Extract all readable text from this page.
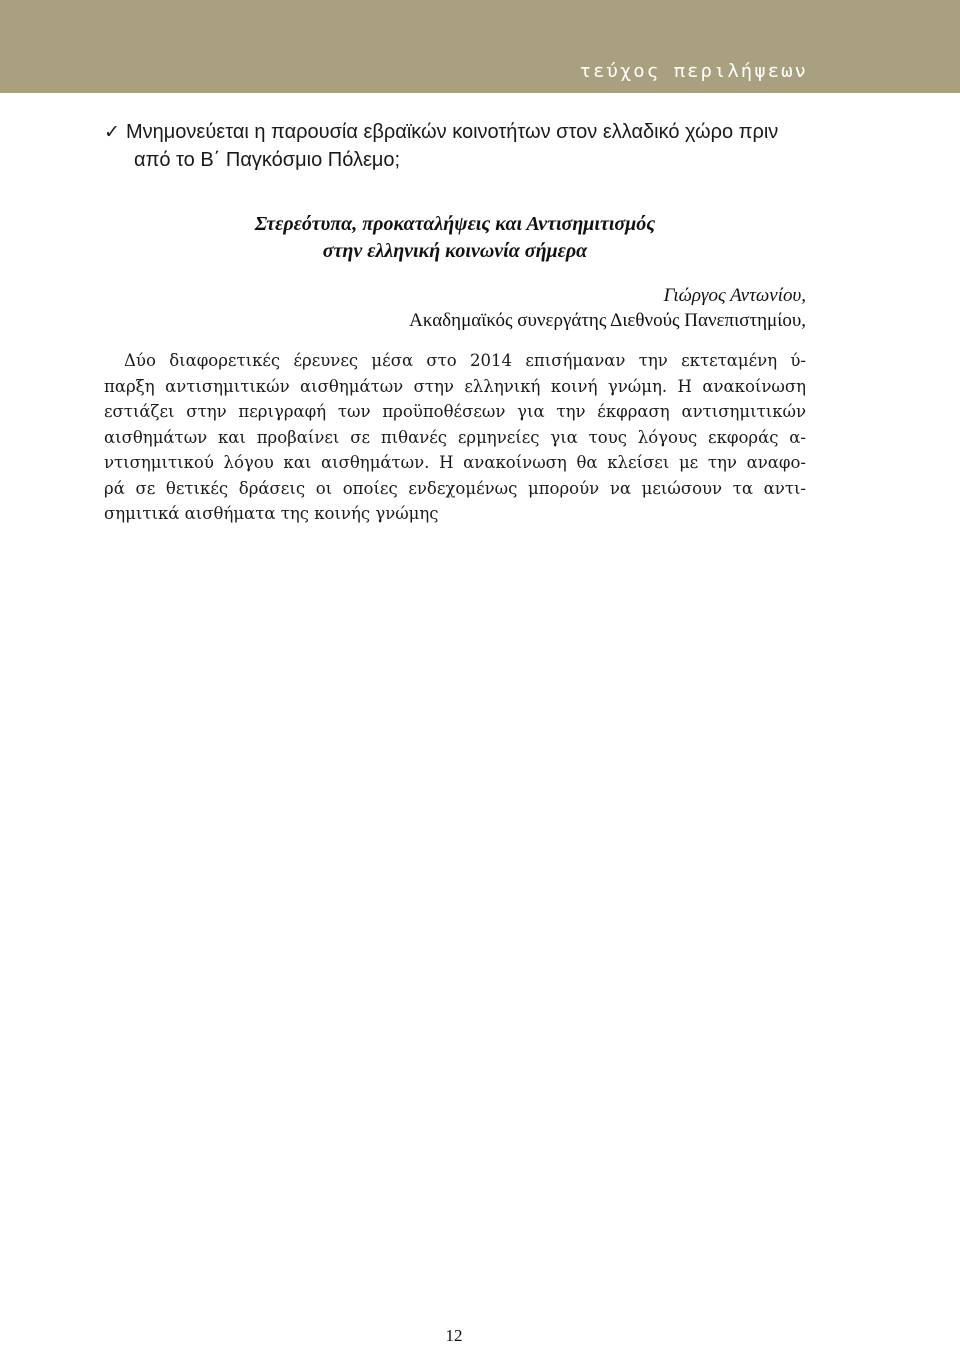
τεύχος περιλήψεων
✓ Μνημονεύεται η παρουσία εβραϊκών κοινοτήτων στον ελλαδικό χώρο πριν
από το Β΄ Παγκόσμιο Πόλεμο;
Στερεότυπα, προκαταλήψεις και Αντισημιτισμός
στην ελληνική κοινωνία σήμερα
Γιώργος Αντωνίου,
Ακαδημαϊκός συνεργάτης Διεθνούς Πανεπιστημίου,
Δύο διαφορετικές έρευνες μέσα στο 2014 επισήμαναν την εκτεταμένη ύ-
παρξη αντισημιτικών αισθημάτων στην ελληνική κοινή γνώμη. Η ανακοίνωση
εστιάζει στην περιγραφή των προϋποθέσεων για την έκφραση αντισημιτικών
αισθημάτων και προβαίνει σε πιθανές ερμηνείες για τους λόγους εκφοράς α-
ντισημιτικού λόγου και αισθημάτων. Η ανακοίνωση θα κλείσει με την αναφο-
ρά σε θετικές δράσεις οι οποίες ενδεχομένως μπορούν να μειώσουν τα αντι-
σημιτικά αισθήματα της κοινής γνώμης
12
